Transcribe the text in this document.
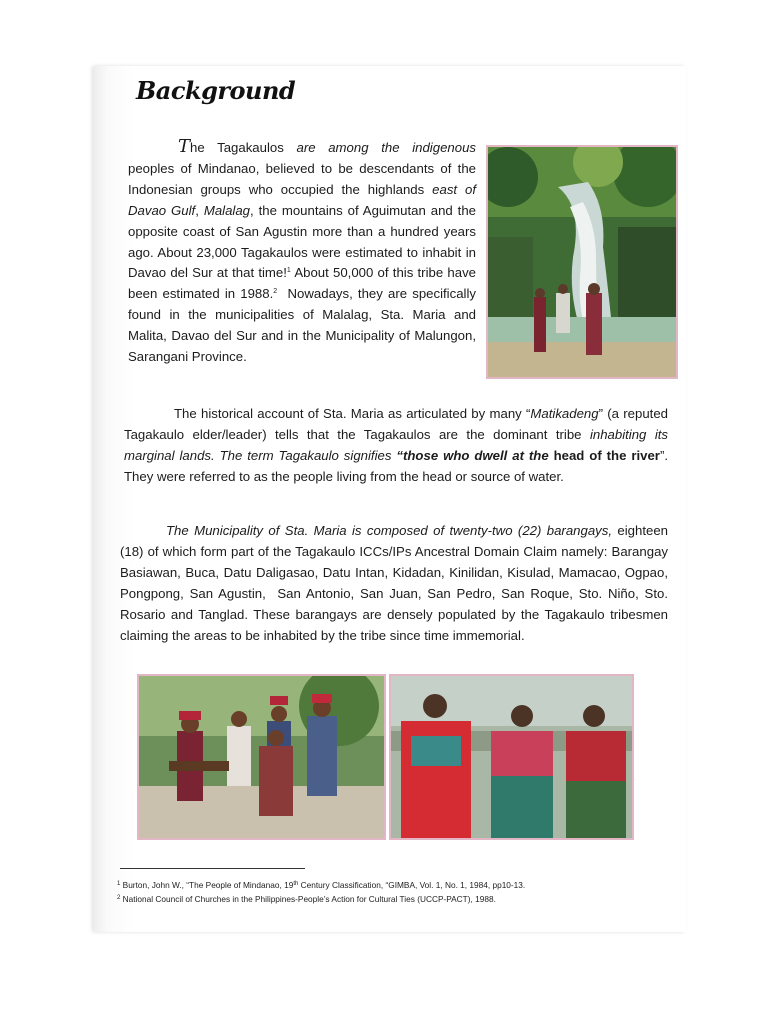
Background
The Tagakaulos are among the indigenous peoples of Mindanao, believed to be descendants of the Indonesian groups who occupied the highlands east of Davao Gulf, Malalag, the mountains of Aguimutan and the opposite coast of San Agustin more than a hundred years ago. About 23,000 Tagakaulos were estimated to inhabit in Davao del Sur at that time!$^1$ About 50,000 of this tribe have been estimated in 1988.$^2$  Nowadays, they are specifically found in the municipalities of Malalag, Sta. Maria and Malita, Davao del Sur and in the Municipality of Malungon, Sarangani Province.
The historical account of Sta. Maria as articulated by many “Matikadeng” (a reputed Tagakaulo elder/leader) tells that the Tagakaulos are the dominant tribe inhabiting its marginal lands. The term Tagakaulo signifies “those who dwell at the head of the river”. They were referred to as the people living from the head or source of water.
The Municipality of Sta. Maria is composed of twenty-two (22) barangays, eighteen (18) of which form part of the Tagakaulo ICCs/IPs Ancestral Domain Claim namely: Barangay Basiawan, Buca, Datu Daligasao, Datu Intan, Kidadan, Kinilidan, Kisulad, Mamacao, Ogpao, Pongpong, San Agustin,  San Antonio, San Juan, San Pedro, San Roque, Sto. Niño, Sto. Rosario and Tanglad. These barangays are densely populated by the Tagakaulo tribesmen claiming the areas to be inhabited by the tribe since time immemorial.
$^1$ Burton, John W., “The People of Mindanao, 19th Century Classification, “GIMBA, Vol. 1, No. 1, 1984, pp10-13.
$^2$ National Council of Churches in the Philippines-People’s Action for Cultural Ties (UCCP-PACT), 1988.
